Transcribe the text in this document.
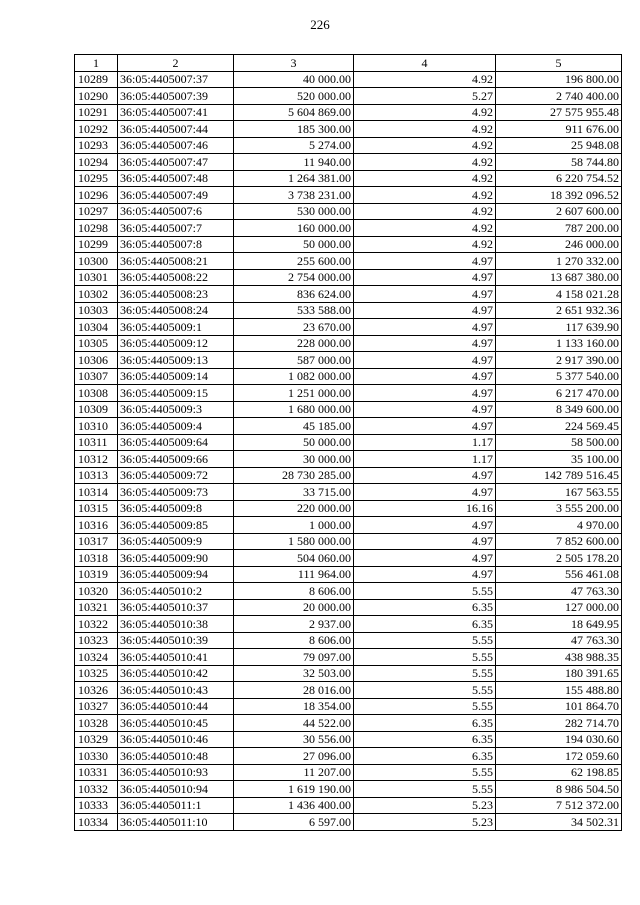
226
1	2	3	4	5
10289	36:05:4405007:37	40 000.00	4.92	196 800.00
10290	36:05:4405007:39	520 000.00	5.27	2 740 400.00
10291	36:05:4405007:41	5 604 869.00	4.92	27 575 955.48
10292	36:05:4405007:44	185 300.00	4.92	911 676.00
10293	36:05:4405007:46	5 274.00	4.92	25 948.08
10294	36:05:4405007:47	11 940.00	4.92	58 744.80
10295	36:05:4405007:48	1 264 381.00	4.92	6 220 754.52
10296	36:05:4405007:49	3 738 231.00	4.92	18 392 096.52
10297	36:05:4405007:6	530 000.00	4.92	2 607 600.00
10298	36:05:4405007:7	160 000.00	4.92	787 200.00
10299	36:05:4405007:8	50 000.00	4.92	246 000.00
10300	36:05:4405008:21	255 600.00	4.97	1 270 332.00
10301	36:05:4405008:22	2 754 000.00	4.97	13 687 380.00
10302	36:05:4405008:23	836 624.00	4.97	4 158 021.28
10303	36:05:4405008:24	533 588.00	4.97	2 651 932.36
10304	36:05:4405009:1	23 670.00	4.97	117 639.90
10305	36:05:4405009:12	228 000.00	4.97	1 133 160.00
10306	36:05:4405009:13	587 000.00	4.97	2 917 390.00
10307	36:05:4405009:14	1 082 000.00	4.97	5 377 540.00
10308	36:05:4405009:15	1 251 000.00	4.97	6 217 470.00
10309	36:05:4405009:3	1 680 000.00	4.97	8 349 600.00
10310	36:05:4405009:4	45 185.00	4.97	224 569.45
10311	36:05:4405009:64	50 000.00	1.17	58 500.00
10312	36:05:4405009:66	30 000.00	1.17	35 100.00
10313	36:05:4405009:72	28 730 285.00	4.97	142 789 516.45
10314	36:05:4405009:73	33 715.00	4.97	167 563.55
10315	36:05:4405009:8	220 000.00	16.16	3 555 200.00
10316	36:05:4405009:85	1 000.00	4.97	4 970.00
10317	36:05:4405009:9	1 580 000.00	4.97	7 852 600.00
10318	36:05:4405009:90	504 060.00	4.97	2 505 178.20
10319	36:05:4405009:94	111 964.00	4.97	556 461.08
10320	36:05:4405010:2	8 606.00	5.55	47 763.30
10321	36:05:4405010:37	20 000.00	6.35	127 000.00
10322	36:05:4405010:38	2 937.00	6.35	18 649.95
10323	36:05:4405010:39	8 606.00	5.55	47 763.30
10324	36:05:4405010:41	79 097.00	5.55	438 988.35
10325	36:05:4405010:42	32 503.00	5.55	180 391.65
10326	36:05:4405010:43	28 016.00	5.55	155 488.80
10327	36:05:4405010:44	18 354.00	5.55	101 864.70
10328	36:05:4405010:45	44 522.00	6.35	282 714.70
10329	36:05:4405010:46	30 556.00	6.35	194 030.60
10330	36:05:4405010:48	27 096.00	6.35	172 059.60
10331	36:05:4405010:93	11 207.00	5.55	62 198.85
10332	36:05:4405010:94	1 619 190.00	5.55	8 986 504.50
10333	36:05:4405011:1	1 436 400.00	5.23	7 512 372.00
10334	36:05:4405011:10	6 597.00	5.23	34 502.31
